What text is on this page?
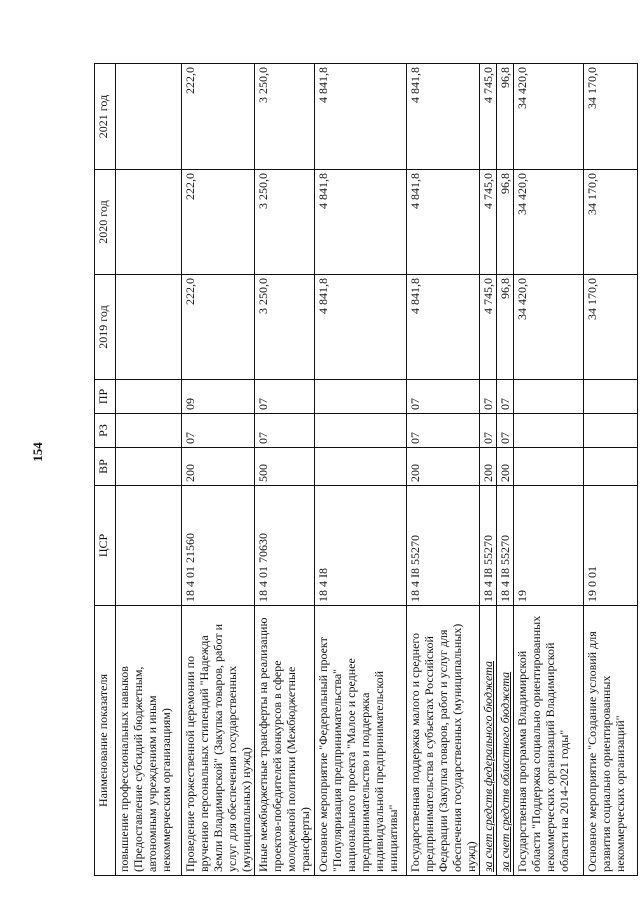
154
Наименование показателя	ЦСР	ВР	РЗ	ПР	2019 год	2020 год	2021 год
повышение профессиональных навыков (Предоставление субсидий бюджетным, автономным учреждениям и иным некоммерческим организациям)							
Проведение торжественной церемонии по вручению персональных стипендий "Надежда Земли Владимирской" (Закупка товаров, работ и услуг для обеспечения государственных (муниципальных) нужд)	18 4 01 21560	200	07	09	222,0	222,0	222,0
Иные межбюджетные трансферты на реализацию проектов-победителей конкурсов в сфере молодежной политики (Межбюджетные трансферты)	18 4 01 70630	500	07	07	3 250,0	3 250,0	3 250,0
Основное мероприятие "Федеральный проект "Популяризация предпринимательства" национального проекта "Малое и среднее предпринимательство и поддержка индивидуальной предпринимательской инициативы"	18 4 I8				4 841,8	4 841,8	4 841,8
Государственная поддержка малого и среднего предпринимательства в субъектах Российской Федерации (Закупка товаров, работ и услуг для обеспечения государственных (муниципальных) нужд)	18 4 I8 55270	200	07	07	4 841,8	4 841,8	4 841,8
за счет средств федерального бюджета	18 4 I8 55270	200	07	07	4 745,0	4 745,0	4 745,0
за счет средств областного бюджета	18 4 I8 55270	200	07	07	96,8	96,8	96,8
Государственная программа Владимирской области "Поддержка социально ориентированных некоммерческих организаций Владимирской области на 2014-2021 годы"	19				34 420,0	34 420,0	34 420,0
Основное мероприятие "Создание условий для развития социально ориентированных некоммерческих организаций"	19 0 01				34 170,0	34 170,0	34 170,0
